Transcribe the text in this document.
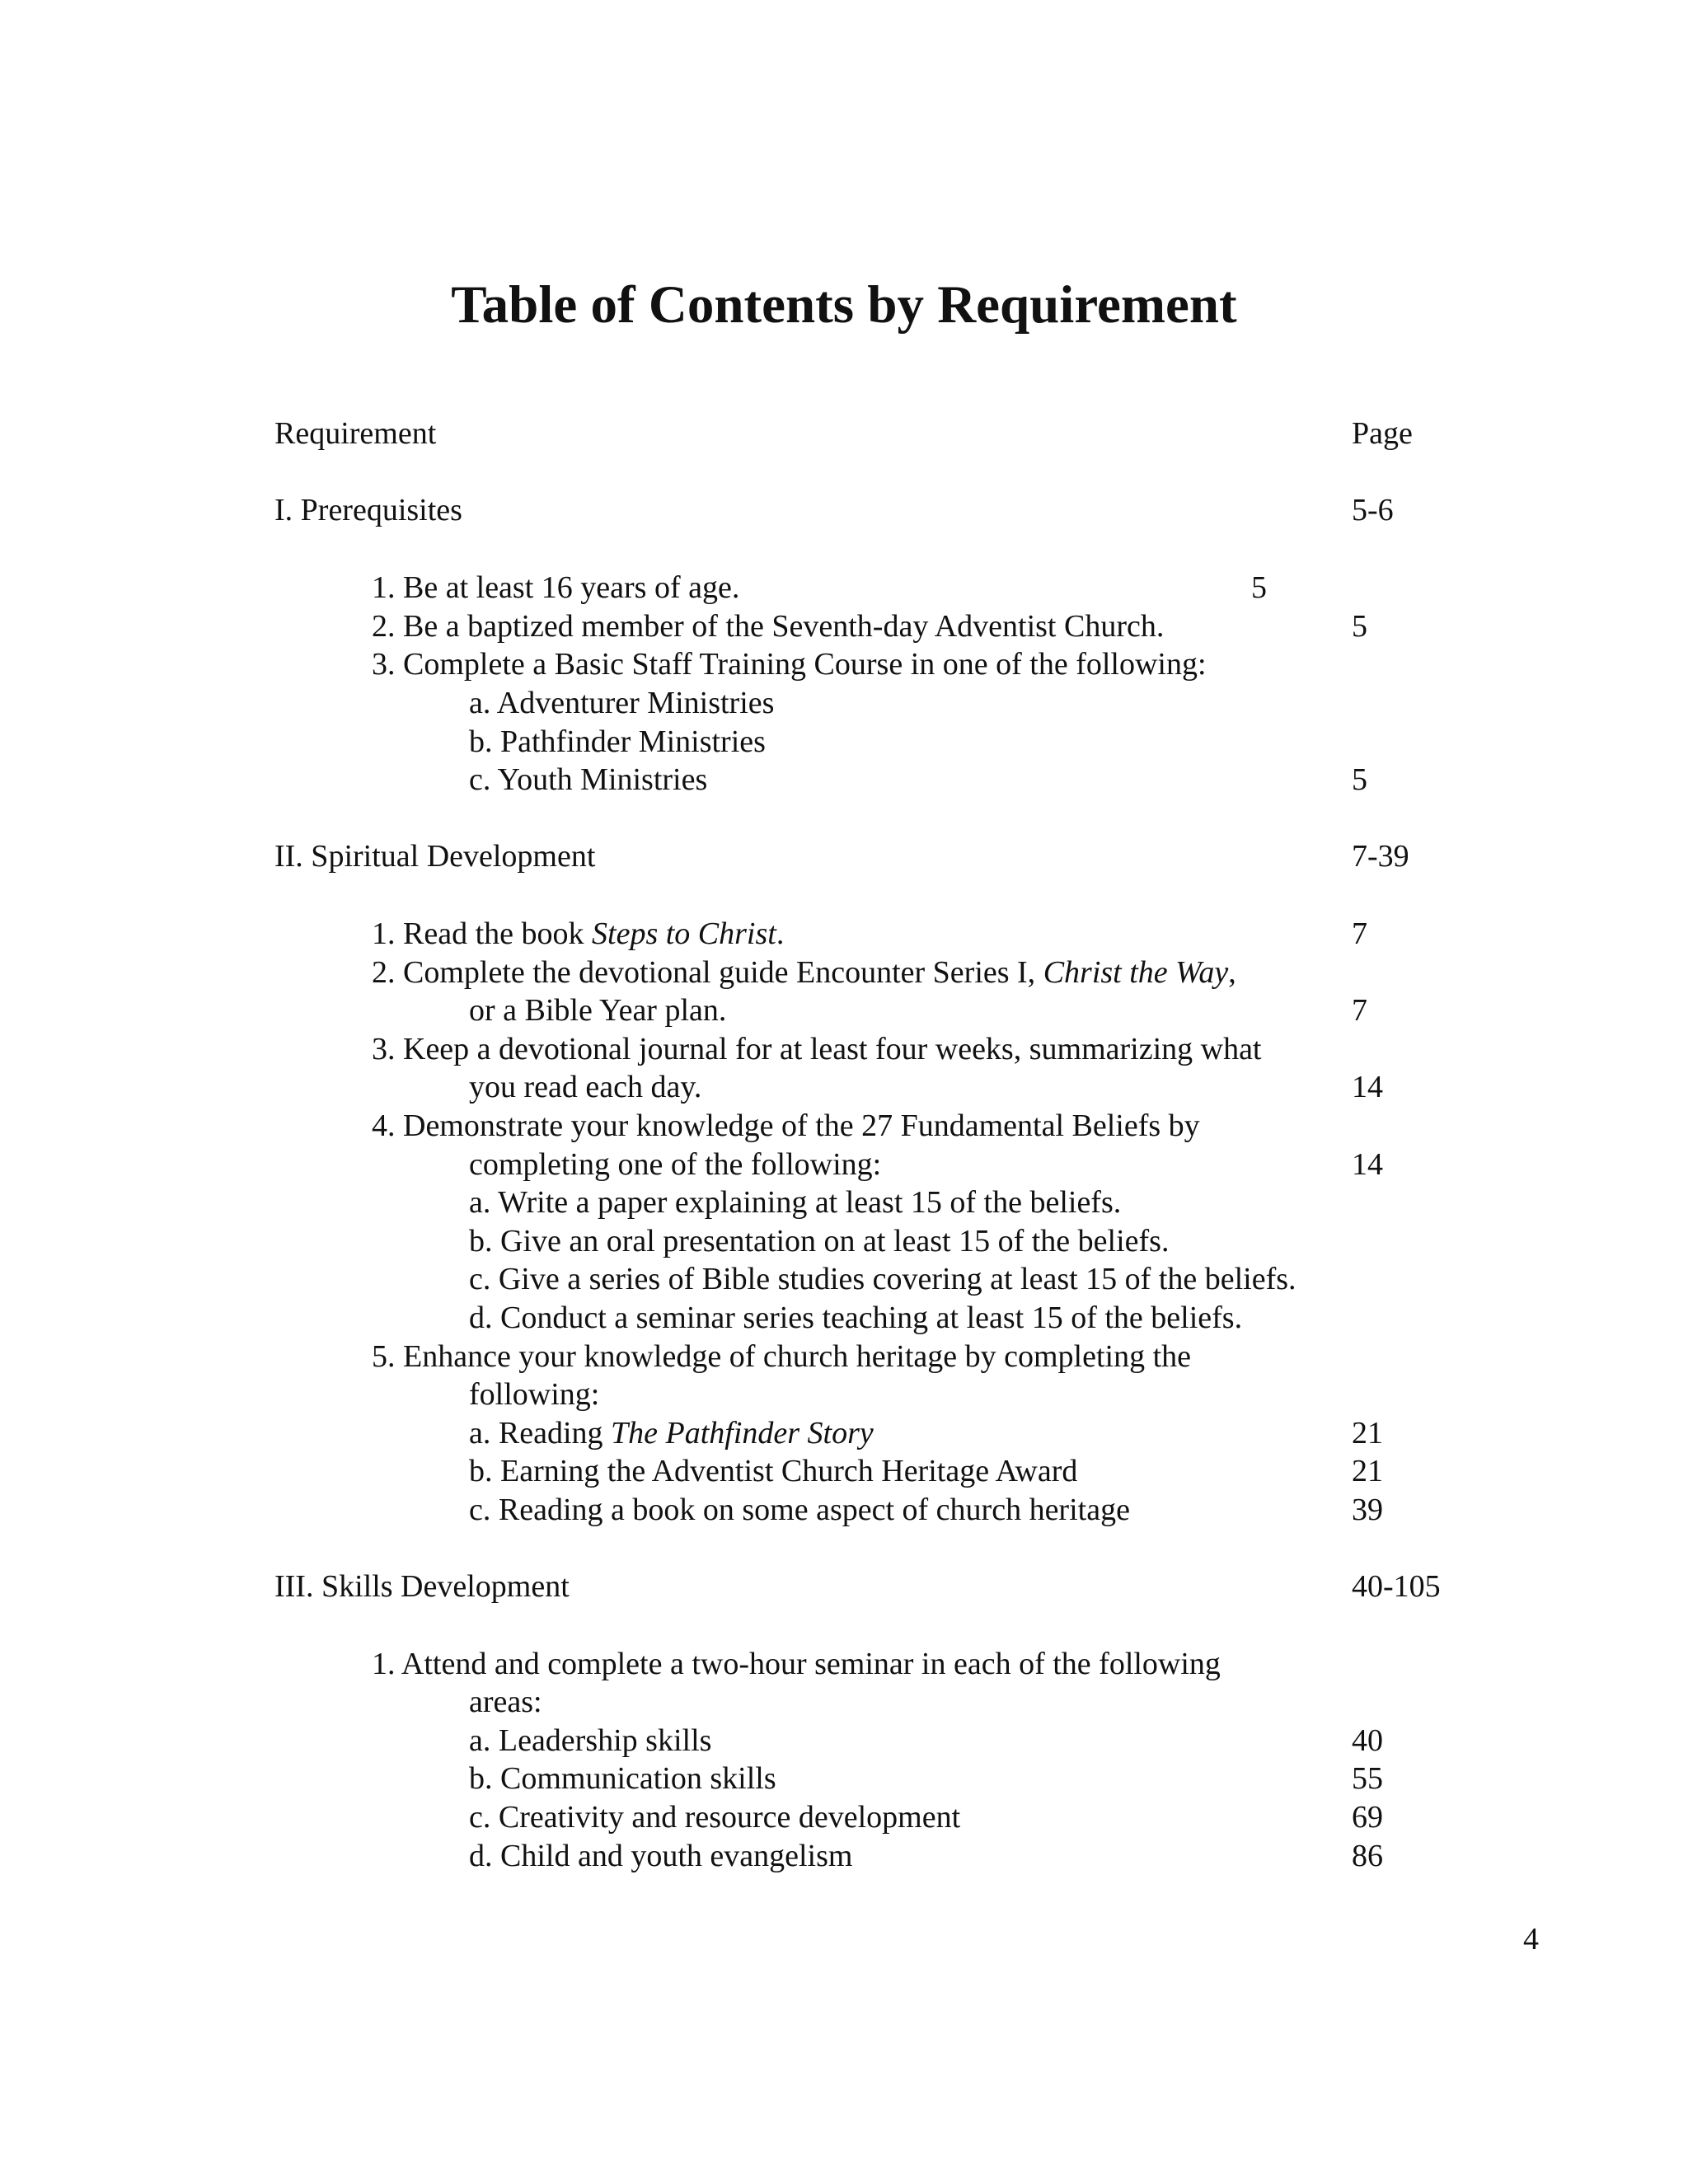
Table of Contents by Requirement
Requirement	Page
I. Prerequisites	5-6
1. Be at least 16 years of age.	5
2. Be a baptized member of the Seventh-day Adventist Church.	5
3. Complete a Basic Staff Training Course in one of the following:
a. Adventurer Ministries
b. Pathfinder Ministries
c. Youth Ministries	5
II. Spiritual Development	7-39
1. Read the book Steps to Christ.	7
2. Complete the devotional guide Encounter Series I, Christ the Way,
or a Bible Year plan.	7
3. Keep a devotional journal for at least four weeks, summarizing what
you read each day.	14
4. Demonstrate your knowledge of the 27 Fundamental Beliefs by
completing one of the following:	14
a. Write a paper explaining at least 15 of the beliefs.
b. Give an oral presentation on at least 15 of the beliefs.
c. Give a series of Bible studies covering at least 15 of the beliefs.
d. Conduct a seminar series teaching at least 15 of the beliefs.
5. Enhance your knowledge of church heritage by completing the
following:
a. Reading The Pathfinder Story	21
b. Earning the Adventist Church Heritage Award	21
c. Reading a book on some aspect of church heritage	39
III. Skills Development	40-105
1. Attend and complete a two-hour seminar in each of the following
areas:
a. Leadership skills	40
b. Communication skills	55
c. Creativity and resource development	69
d. Child and youth evangelism	86
4
